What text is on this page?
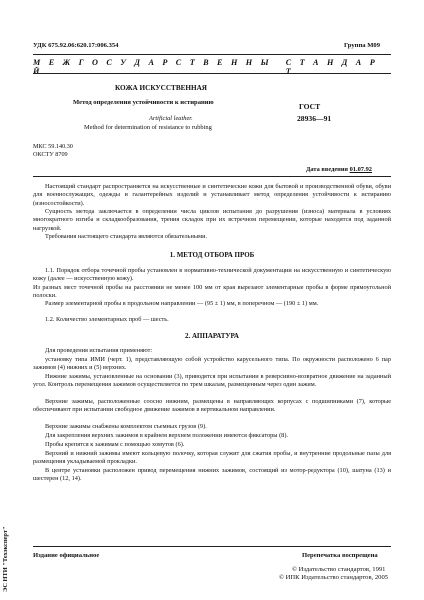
УДК 675.92.06:620.17:006.354	Группа М09
М Е Ж Г О С У Д А Р С Т В Е Н Н Ы Й
С Т А Н Д А Р Т
КОЖА ИСКУССТВЕННАЯ
Метод определения устойчивости к истиранию
Artificial leather.
Method for determination of resistance to rubbing
ГОСТ
28936—91
МКС 59.140.30
ОКСТУ 8709
Дата введения 01.07.92
Настоящий стандарт распространяется на искусственные и синтетические кожи для бытовой и производственной обуви, обуви для военнослужащих, одежды и галантерейных изделий и устанавливает метод определения устойчивости к истиранию (износостойкости).
Сущность метода заключается в определении числа циклов испытания до разрушения (износа) материала в условиях многократного изгиба и складкообразования, трения складок при их встречном перемещении, которые находятся под заданной нагрузкой.
Требования настоящего стандарта являются обязательными.
1. МЕТОД ОТБОРА ПРОБ
1.1. Порядок отбора точечной пробы установлен в нормативно-технической документации на искусственную и синтетическую кожу (далее — искусственную кожу).
Из разных мест точечной пробы на расстоянии не менее 100 мм от края вырезают элементарные пробы в форме прямоугольной полоски.
Размер элементарной пробы в продольном направлении — (95 ± 1) мм, в поперечном — (190 ± 1) мм.
1.2. Количество элементарных проб — шесть.
2. АППАРАТУРА
Для проведения испытания применяют:
установку типа ИМИ (черт. 1), представляющую собой устройство карусельного типа. По окружности расположено 6 пар зажимов (4) нижних и (5) верхних.
Нижние зажимы, установленные на основании (3), приводятся при испытании в реверсивно-возвратное движение на заданный угол. Контроль перемещения зажимов осуществляется по трем шкалам, размещенным через один зажим.
Верхние зажимы, расположенные соосно нижним, размещены в направляющих корпусах с подшипниками (7), которые обеспечивают при испытании свободное движение зажимов в вертикальном направлении.
Верхние зажимы снабжены комплектом съемных грузов (9).
Для закрепления верхних зажимов в крайнем верхнем положении имеются фиксаторы (8).
Пробы крепятся к зажимам с помощью хомутов (6).
Верхний и нижний зажимы имеют кольцевую полочку, которая служит для сжатия пробы, и внутренние продольные пазы для размещения укладываемой прокладки.
В центре установки расположен привод перемещения нижних зажимов, состоящий из мотор-редуктора (10), шатуна (13) и шестерен (12, 14).
Издание официальное	Перепечатка воспрещена
© Издательство стандартов, 1991
© ИПК Издательство стандартов, 2005
ЭС НТИ "Техэксперт"
